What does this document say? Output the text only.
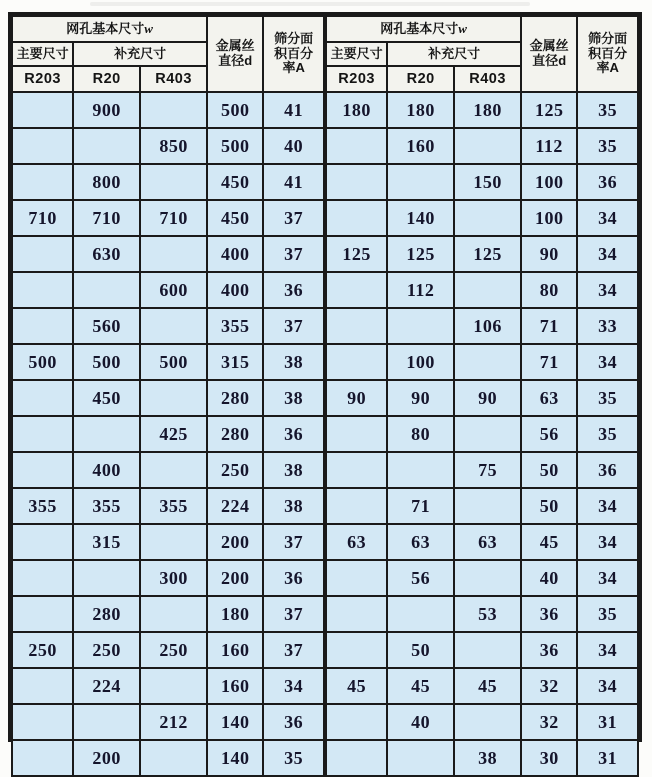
网孔基本尺寸w			金属丝
直径d	筛分面
积百分
率A

主要尺寸	补充尺寸			
R203	R20	R403		
	900		500	41
		850	500	40
	800		450	41
710	710	710	450	37
	630		400	37
		600	400	36
	560		355	37
500	500	500	315	38
	450		280	38
		425	280	36
	400		250	38
355	355	355	224	38
	315		200	37
		300	200	36
	280		180	37
250	250	250	160	37
	224		160	34
		212	140	36
	200		140	35
网孔基本尺寸w			金属丝
直径d	筛分面
积百分
率A

主要尺寸	补充尺寸			
R203	R20	R403		
180	180	180	125	35
	160		112	35
		150	100	36
	140		100	34
125	125	125	90	34
	112		80	34
		106	71	33
	100		71	34
90	90	90	63	35
	80		56	35
		75	50	36
	71		50	34
63	63	63	45	34
	56		40	34
		53	36	35
	50		36	34
45	45	45	32	34
	40		32	31
		38	30	31
